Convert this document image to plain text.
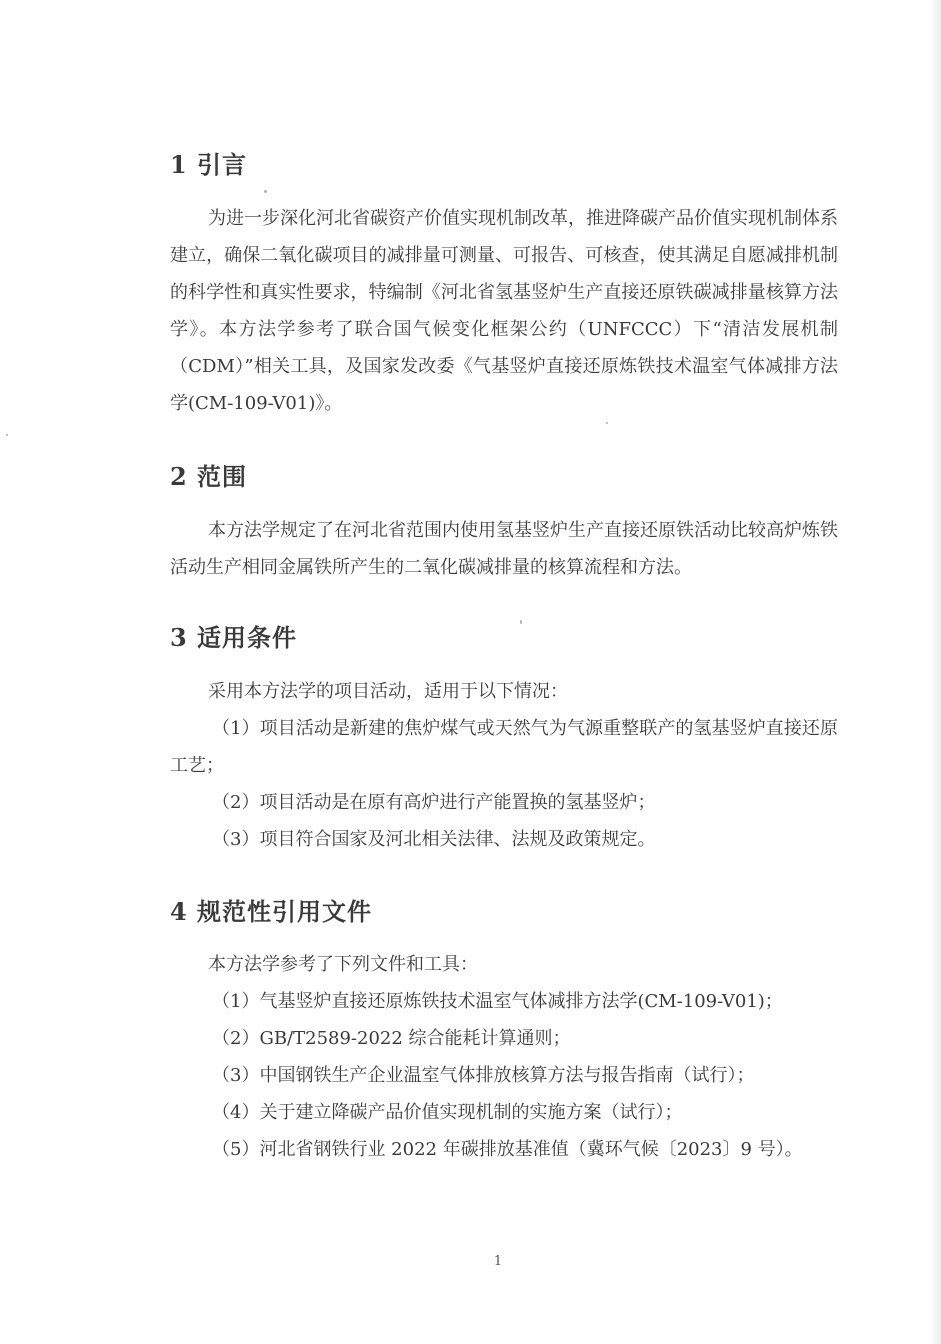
1 引言

为进一步深化河北省碳资产价值实现机制改革，推进降碳产品价值实现机制体系建立，确保二氧化碳项目的减排量可测量、可报告、可核查，使其满足自愿减排机制的科学性和真实性要求，特编制《河北省氢基竖炉生产直接还原铁碳减排量核算方法学》。本方法学参考了联合国气候变化框架公约（UNFCCC）下“清洁发展机制（CDM）”相关工具，及国家发改委《气基竖炉直接还原炼铁技术温室气体减排方法学(CM-109-V01)》。

2 范围

本方法学规定了在河北省范围内使用氢基竖炉生产直接还原铁活动比较高炉炼铁活动生产相同金属铁所产生的二氧化碳减排量的核算流程和方法。

3 适用条件
采用本方法学的项目活动，适用于以下情况：

（1）项目活动是新建的焦炉煤气或天然气为气源重整联产的氢基竖炉直接还原工艺；

（2）项目活动是在原有高炉进行产能置换的氢基竖炉；
（3）项目符合国家及河北相关法律、法规及政策规定。
4 规范性引用文件
本方法学参考了下列文件和工具：
（1）气基竖炉直接还原炼铁技术温室气体减排方法学(CM-109-V01)；
（2）GB/T2589-2022 综合能耗计算通则；
（3）中国钢铁生产企业温室气体排放核算方法与报告指南（试行）；
（4）关于建立降碳产品价值实现机制的实施方案（试行）；
（5）河北省钢铁行业 2022 年碳排放基准值（冀环气候〔2023〕9 号）。
1
